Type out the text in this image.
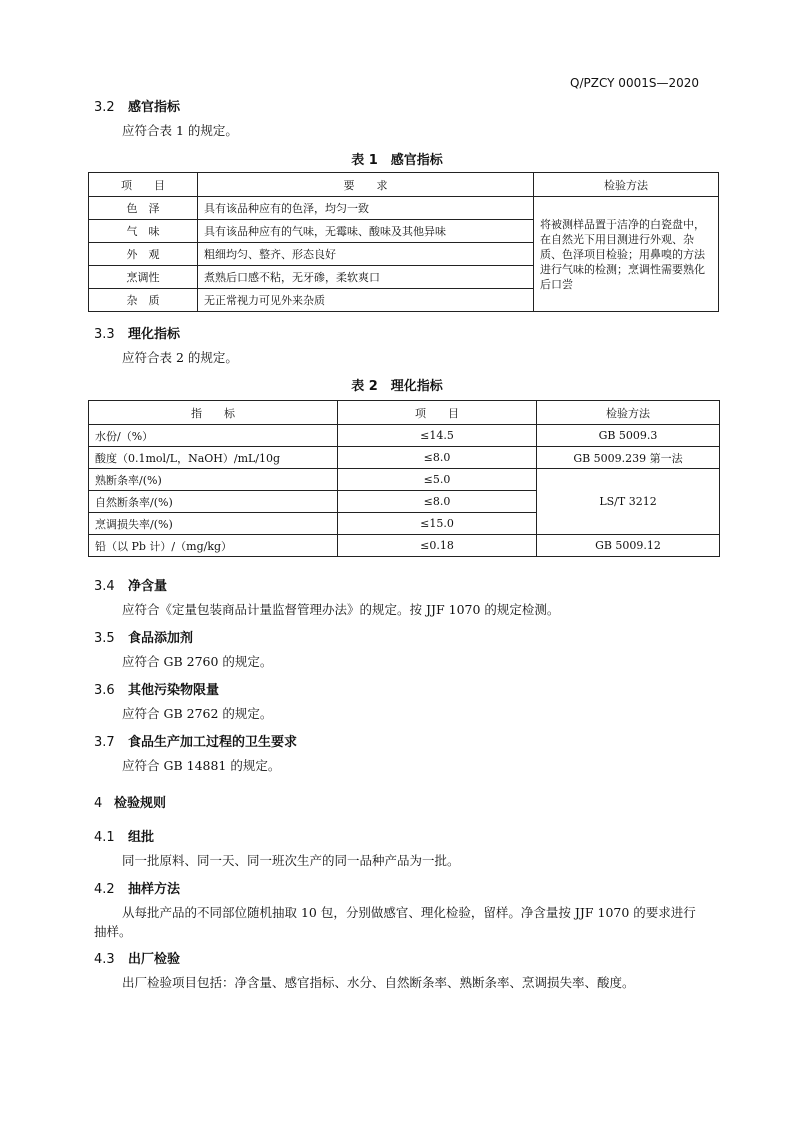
Q/PZCY 0001S—2020
3.2 感官指标
应符合表 1 的规定。
表 1　感官指标
项　　目	要　　求	检验方法
色　泽	具有该品种应有的色泽，均匀一致	将被测样品置于洁净的白瓷盘中，在自然光下用目测进行外观、杂质、色泽项目检验；用鼻嗅的方法进行气味的检测；烹调性需要熟化后口尝
气　味	具有该品种应有的气味，无霉味、酸味及其他异味	
外　观	粗细均匀、整齐、形态良好	
烹调性	煮熟后口感不粘，无牙碜，柔软爽口	
杂　质	无正常视力可见外来杂质	
3.3 理化指标
应符合表 2 的规定。
表 2　理化指标
指　　标	项　　目	检验方法
水份/（%）	≤14.5	GB 5009.3
酸度（0.1mol/L，NaOH）/mL/10g	≤8.0	GB 5009.239 第一法
熟断条率/(%)	≤5.0	LS/T 3212
自然断条率/(%)	≤8.0	
烹调损失率/(%)	≤15.0	
铅（以 Pb 计）/（mg/kg）	≤0.18	GB 5009.12
3.4 净含量
应符合《定量包装商品计量监督管理办法》的规定。按 JJF 1070 的规定检测。
3.5 食品添加剂
应符合 GB 2760 的规定。
3.6 其他污染物限量
应符合 GB 2762 的规定。
3.7 食品生产加工过程的卫生要求
应符合 GB 14881 的规定。
4 检验规则
4.1 组批
同一批原料、同一天、同一班次生产的同一品种产品为一批。
4.2 抽样方法
从每批产品的不同部位随机抽取 10 包，分别做感官、理化检验，留样。净含量按 JJF 1070 的要求进行抽样。
4.3 出厂检验
出厂检验项目包括：净含量、感官指标、水分、自然断条率、熟断条率、烹调损失率、酸度。
